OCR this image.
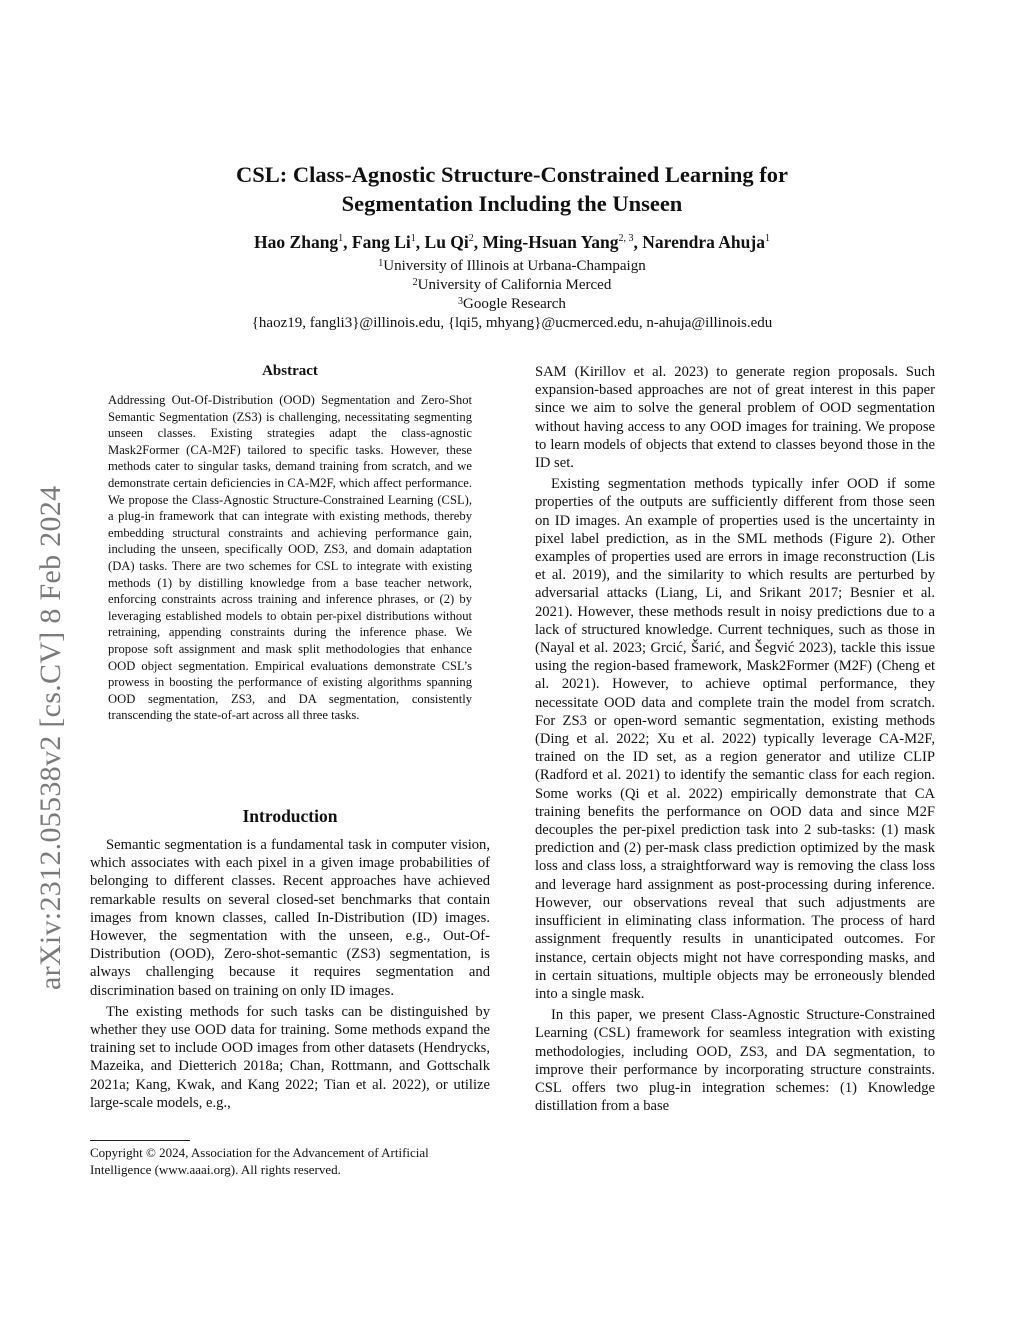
CSL: Class-Agnostic Structure-Constrained Learning for Segmentation Including the Unseen
Hao Zhang$^1$, Fang Li$^1$, Lu Qi$^2$, Ming-Hsuan Yang$^{2, 3}$, Narendra Ahuja$^1$
$^1$University of Illinois at Urbana-Champaign
$^2$University of California Merced
$^3$Google Research
{haoz19, fangli3}@illinois.edu, {lqi5, mhyang}@ucmerced.edu, n-ahuja@illinois.edu
arXiv:2312.05538v2 [cs.CV] 8 Feb 2024
Abstract

Addressing Out-Of-Distribution (OOD) Segmentation and Zero-Shot Semantic Segmentation (ZS3) is challenging, necessitating segmenting unseen classes. Existing strategies adapt the class-agnostic Mask2Former (CA-M2F) tailored to specific tasks. However, these methods cater to singular tasks, demand training from scratch, and we demonstrate certain deficiencies in CA-M2F, which affect performance. We propose the Class-Agnostic Structure-Constrained Learning (CSL), a plug-in framework that can integrate with existing methods, thereby embedding structural constraints and achieving performance gain, including the unseen, specifically OOD, ZS3, and domain adaptation (DA) tasks. There are two schemes for CSL to integrate with existing methods (1) by distilling knowledge from a base teacher network, enforcing constraints across training and inference phrases, or (2) by leveraging established models to obtain per-pixel distributions without retraining, appending constraints during the inference phase. We propose soft assignment and mask split methodologies that enhance OOD object segmentation. Empirical evaluations demonstrate CSL’s prowess in boosting the performance of existing algorithms spanning OOD segmentation, ZS3, and DA segmentation, consistently transcending the state-of-art across all three tasks.

Introduction

Semantic segmentation is a fundamental task in computer vision, which associates with each pixel in a given image probabilities of belonging to different classes. Recent approaches have achieved remarkable results on several closed-set benchmarks that contain images from known classes, called In-Distribution (ID) images. However, the segmentation with the unseen, e.g., Out-Of-Distribution (OOD), Zero-shot-semantic (ZS3) segmentation, is always challenging because it requires segmentation and discrimination based on training on only ID images.

The existing methods for such tasks can be distinguished by whether they use OOD data for training. Some methods expand the training set to include OOD images from other datasets (Hendrycks, Mazeika, and Dietterich 2018a; Chan, Rottmann, and Gottschalk 2021a; Kang, Kwak, and Kang 2022; Tian et al. 2022), or utilize large-scale models, e.g.,

SAM (Kirillov et al. 2023) to generate region proposals. Such expansion-based approaches are not of great interest in this paper since we aim to solve the general problem of OOD segmentation without having access to any OOD images for training. We propose to learn models of objects that extend to classes beyond those in the ID set.

Existing segmentation methods typically infer OOD if some properties of the outputs are sufficiently different from those seen on ID images. An example of properties used is the uncertainty in pixel label prediction, as in the SML methods (Figure 2). Other examples of properties used are errors in image reconstruction (Lis et al. 2019), and the similarity to which results are perturbed by adversarial attacks (Liang, Li, and Srikant 2017; Besnier et al. 2021). However, these methods result in noisy predictions due to a lack of structured knowledge. Current techniques, such as those in (Nayal et al. 2023; Grcić, Šarić, and Šegvić 2023), tackle this issue using the region-based framework, Mask2Former (M2F) (Cheng et al. 2021). However, to achieve optimal performance, they necessitate OOD data and complete train the model from scratch. For ZS3 or open-word semantic segmentation, existing methods (Ding et al. 2022; Xu et al. 2022) typically leverage CA-M2F, trained on the ID set, as a region generator and utilize CLIP (Radford et al. 2021) to identify the semantic class for each region. Some works (Qi et al. 2022) empirically demonstrate that CA training benefits the performance on OOD data and since M2F decouples the per-pixel prediction task into 2 sub-tasks: (1) mask prediction and (2) per-mask class prediction optimized by the mask loss and class loss, a straightforward way is removing the class loss and leverage hard assignment as post-processing during inference. However, our observations reveal that such adjustments are insufficient in eliminating class information. The process of hard assignment frequently results in unanticipated outcomes. For instance, certain objects might not have corresponding masks, and in certain situations, multiple objects may be erroneously blended into a single mask.

In this paper, we present Class-Agnostic Structure-Constrained Learning (CSL) framework for seamless integration with existing methodologies, including OOD, ZS3, and DA segmentation, to improve their performance by incorporating structure constraints. CSL offers two plug-in integration schemes: (1) Knowledge distillation from a base

Copyright © 2024, Association for the Advancement of Artificial Intelligence (www.aaai.org). All rights reserved.
